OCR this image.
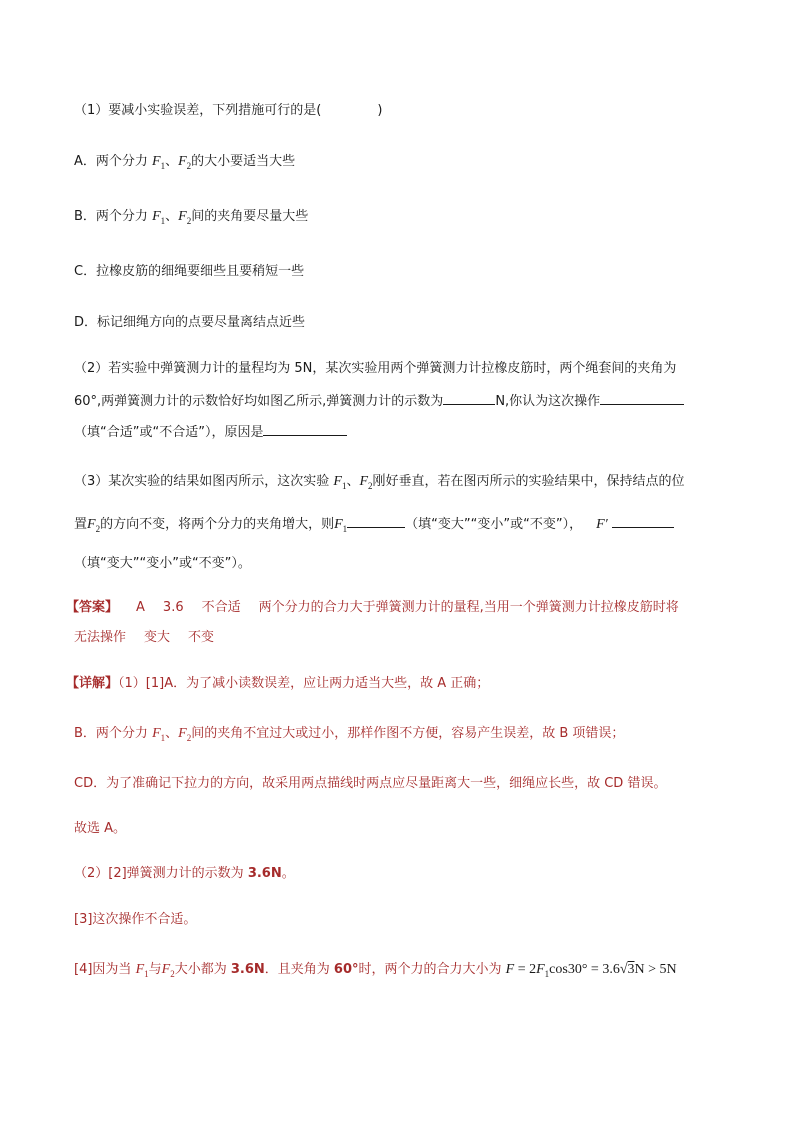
（1）要减小实验误差，下列措施可行的是(	)
A．两个分力 $F_1$、$F_2$的大小要适当大些
B．两个分力 $F_1$、$F_2$间的夹角要尽量大些
C．拉橡皮筋的细绳要细些且要稍短一些
D．标记细绳方向的点要尽量离结点近些
（2）若实验中弹簧测力计的量程均为 5N，某次实验用两个弹簧测力计拉橡皮筋时，两个绳套间的夹角为
60°,两弹簧测力计的示数恰好均如图乙所示,弹簧测力计的示数为	N,你认为这次操作
（填“合适”或“不合适”），原因是
（3）某次实验的结果如图丙所示，这次实验 $F_1$、$F_2$刚好垂直，若在图丙所示的实验结果中，保持结点的位
置$F_2$的方向不变，将两个分力的夹角增大，则$F_1$	（填“变大”“变小”或“不变”）， F′
（填“变大”“变小”或“不变”）。
【答案】 A 3.6 不合适 两个分力的合力大于弹簧测力计的量程,当用一个弹簧测力计拉橡皮筋时将
无法操作 变大 不变
【详解】（1）[1]A．为了减小读数误差，应让两力适当大些，故 A 正确；
B．两个分力 $F_1$、$F_2$间的夹角不宜过大或过小，那样作图不方便，容易产生误差，故 B 项错误；
CD．为了准确记下拉力的方向，故采用两点描线时两点应尽量距离大一些，细绳应长些，故 CD 错误。
故选 A。
（2）[2]弹簧测力计的示数为 3.6N。
[3]这次操作不合适。
[4]因为当 $F_1$与$F_2$大小都为 3.6N．且夹角为 60°时，两个力的合力大小为 $F = 2F_1\cos 30^\circ = 3.6√3N > 5N$
